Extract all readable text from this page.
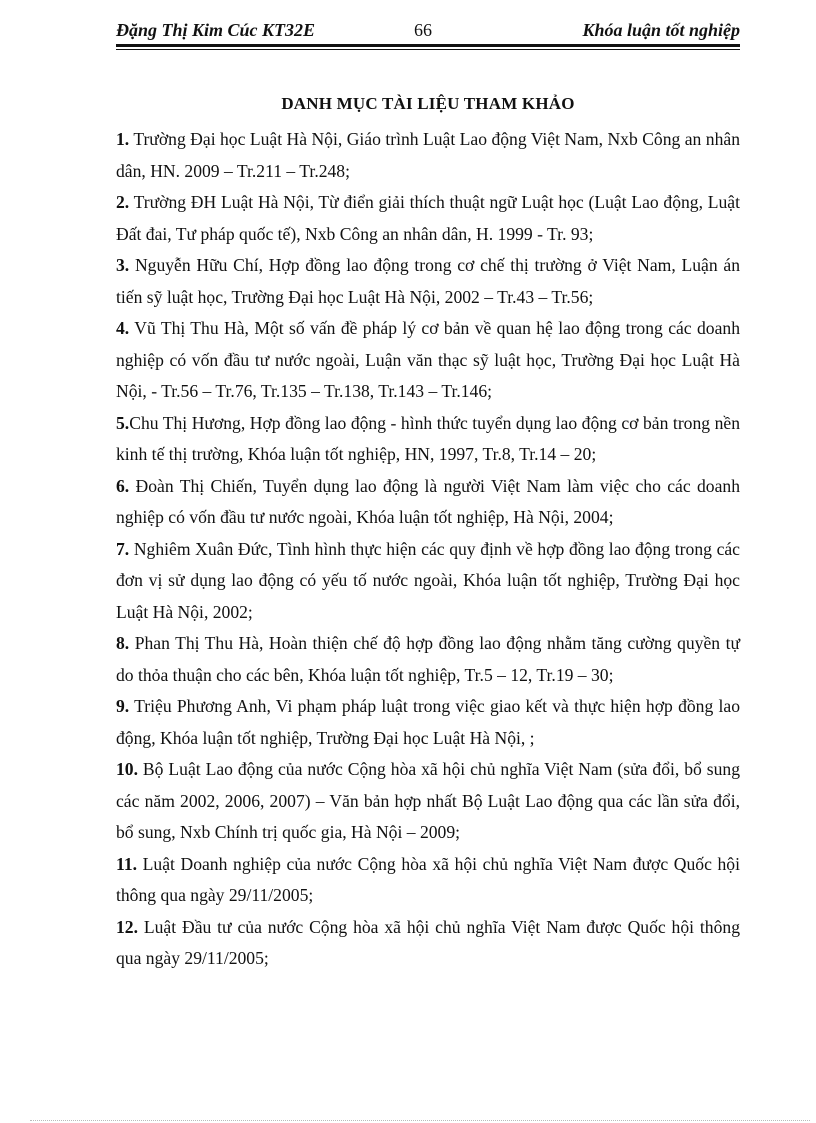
Đặng Thị Kim Cúc KT32E	66	Khóa luận tốt nghiệp
DANH MỤC TÀI LIỆU THAM KHẢO

1. Trường Đại học Luật Hà Nội, Giáo trình Luật Lao động Việt Nam, Nxb Công an nhân dân, HN. 2009 – Tr.211 – Tr.248;

2. Trường ĐH Luật Hà Nội, Từ điển giải thích thuật ngữ Luật học (Luật Lao động, Luật Đất đai, Tư pháp quốc tế), Nxb Công an nhân dân, H. 1999 - Tr. 93;

3. Nguyễn Hữu Chí, Hợp đồng lao động trong cơ chế thị trường ở Việt Nam, Luận án tiến sỹ luật học, Trường Đại học Luật Hà Nội, 2002 – Tr.43 – Tr.56;

4. Vũ Thị Thu Hà, Một số vấn đề pháp lý cơ bản về quan hệ lao động trong các doanh nghiệp có vốn đầu tư nước ngoài, Luận văn thạc sỹ luật học, Trường Đại học Luật Hà Nội, - Tr.56 – Tr.76, Tr.135 – Tr.138, Tr.143 – Tr.146;

5.Chu Thị Hương, Hợp đồng lao động - hình thức tuyển dụng lao động cơ bản trong nền kinh tế thị trường, Khóa luận tốt nghiệp, HN, 1997, Tr.8, Tr.14 – 20;

6. Đoàn Thị Chiến, Tuyển dụng lao động là người Việt Nam làm việc cho các doanh nghiệp có vốn đầu tư nước ngoài, Khóa luận tốt nghiệp, Hà Nội, 2004;

7. Nghiêm Xuân Đức, Tình hình thực hiện các quy định về hợp đồng lao động trong các đơn vị sử dụng lao động có yếu tố nước ngoài, Khóa luận tốt nghiệp, Trường Đại học Luật Hà Nội, 2002;

8. Phan Thị Thu Hà, Hoàn thiện chế độ hợp đồng lao động nhằm tăng cường quyền tự do thỏa thuận cho các bên, Khóa luận tốt nghiệp, Tr.5 – 12, Tr.19 – 30;

9. Triệu Phương Anh, Vi phạm pháp luật trong việc giao kết và thực hiện hợp đồng lao động, Khóa luận tốt nghiệp, Trường Đại học Luật Hà Nội, ;

10. Bộ Luật Lao động của nước Cộng hòa xã hội chủ nghĩa Việt Nam (sửa đổi, bổ sung các năm 2002, 2006, 2007) – Văn bản hợp nhất Bộ Luật Lao động qua các lần sửa đổi, bổ sung, Nxb Chính trị quốc gia, Hà Nội – 2009;

11. Luật Doanh nghiệp của nước Cộng hòa xã hội chủ nghĩa Việt Nam được Quốc hội thông qua ngày 29/11/2005;

12. Luật Đầu tư của nước Cộng hòa xã hội chủ nghĩa Việt Nam được Quốc hội thông qua ngày 29/11/2005;
